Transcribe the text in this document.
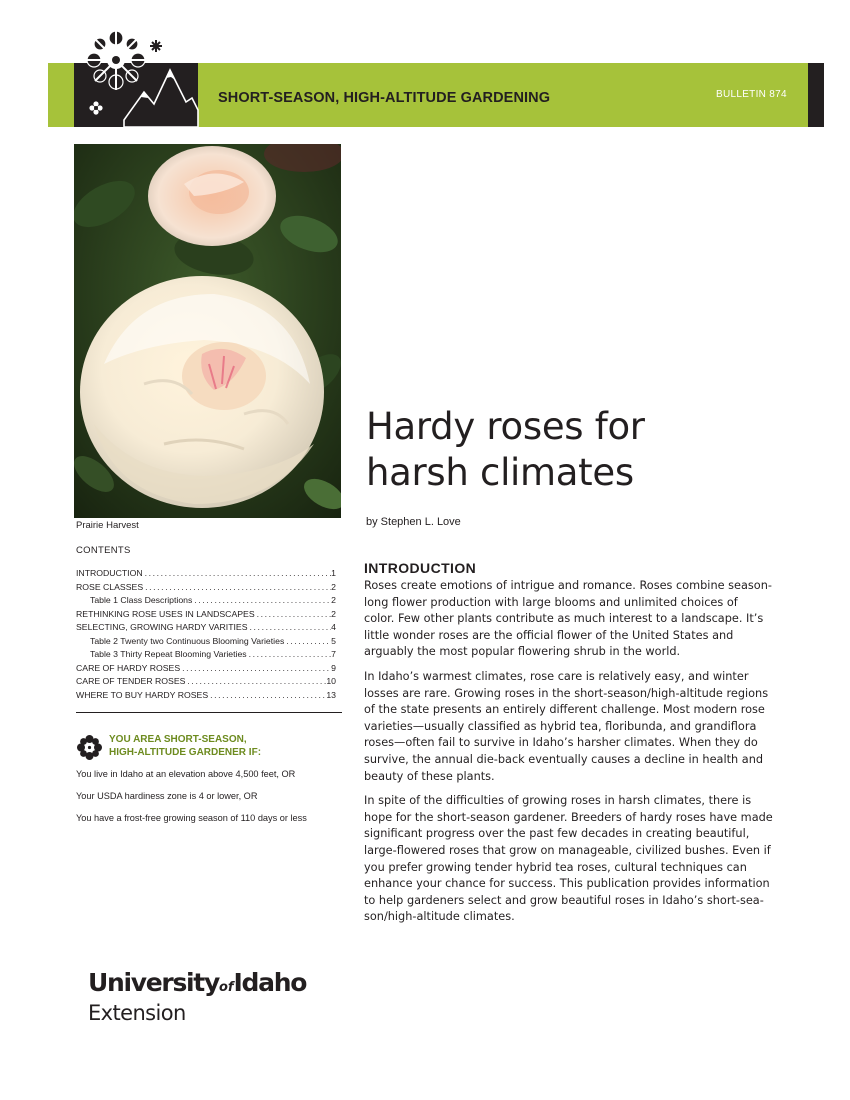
SHORT-SEASON, HIGH-ALTITUDE GARDENING	BULLETIN 874
Prairie Harvest
Hardy roses for
harsh climates
by Stephen L. Love
CONTENTS
INTRODUCTION .....	1
ROSE CLASSES .....	2
Table 1 Class Descriptions .....	2
RETHINKING ROSE USES IN LANDSCAPES .....	2
SELECTING, GROWING HARDY VARITIES .....	4
Table 2 Twenty two Continuous Blooming Varieties .....	5
Table 3 Thirty Repeat Blooming Varieties .....	7
CARE OF HARDY ROSES .....	9
CARE OF TENDER ROSES .....	10
WHERE TO BUY HARDY ROSES .....	13
YOU AREA SHORT-SEASON,
HIGH-ALTITUDE GARDENER IF:
You live in Idaho at an elevation above 4,500 feet, OR
Your USDA hardiness zone is 4 or lower, OR
You have a frost-free growing season of 110 days or less
INTRODUCTION

Roses create emotions of intrigue and romance. Roses combine season-
long flower production with large blooms and unlimited choices of
color. Few other plants contribute as much interest to a landscape. It’s
little wonder roses are the official flower of the United States and
arguably the most popular flowering shrub in the world.

In Idaho’s warmest climates, rose care is relatively easy, and winter
losses are rare. Growing roses in the short-season/high-altitude regions
of the state presents an entirely different challenge. Most modern rose
varieties—usually classified as hybrid tea, floribunda, and grandiflora
roses—often fail to survive in Idaho’s harsher climates. When they do
survive, the annual die-back eventually causes a decline in health and
beauty of these plants.

In spite of the difficulties of growing roses in harsh climates, there is
hope for the short-season gardener. Breeders of hardy roses have made
significant progress over the past few decades in creating beautiful,
large-flowered roses that grow on manageable, civilized bushes. Even if
you prefer growing tender hybrid tea roses, cultural techniques can
enhance your chance for success. This publication provides information
to help gardeners select and grow beautiful roses in Idaho’s short-sea-
son/high-altitude climates.

UniversityofIdaho
Extension
